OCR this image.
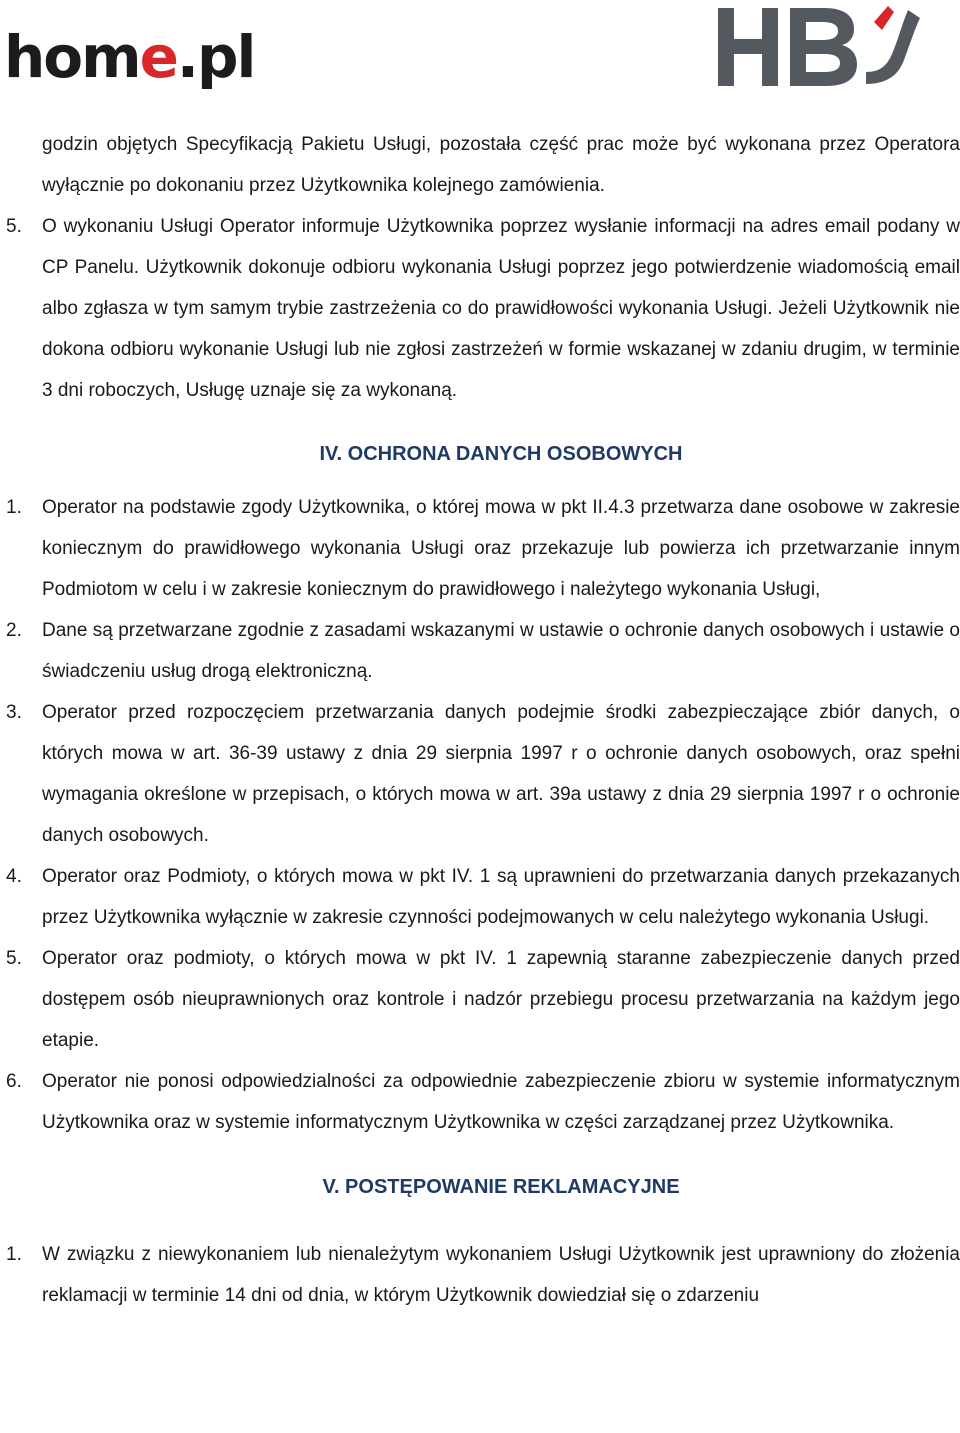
home.pl

godzin objętych Specyfikacją Pakietu Usługi, pozostała część prac może być wykonana przez Operatora wyłącznie po dokonaniu przez Użytkownika kolejnego zamówienia.

5. O wykonaniu Usługi Operator informuje Użytkownika poprzez wysłanie informacji na adres email podany w CP Panelu. Użytkownik dokonuje odbioru wykonania Usługi poprzez jego potwierdzenie wiadomością email albo zgłasza w tym samym trybie zastrzeżenia co do prawidłowości wykonania Usługi. Jeżeli Użytkownik nie dokona odbioru wykonanie Usługi lub nie zgłosi zastrzeżeń w formie wskazanej w zdaniu drugim, w terminie 3 dni roboczych, Usługę uznaje się za wykonaną.
IV. OCHRONA DANYCH OSOBOWYCH
1. Operator na podstawie zgody Użytkownika, o której mowa w pkt II.4.3 przetwarza dane osobowe w zakresie koniecznym do prawidłowego wykonania Usługi oraz przekazuje lub powierza ich przetwarzanie innym Podmiotom w celu i w zakresie koniecznym do prawidłowego i należytego wykonania Usługi,
2. Dane są przetwarzane zgodnie z zasadami wskazanymi w ustawie o ochronie danych osobowych i ustawie o świadczeniu usług drogą elektroniczną.
3. Operator przed rozpoczęciem przetwarzania danych podejmie środki zabezpieczające zbiór danych, o których mowa w art. 36-39 ustawy z dnia 29 sierpnia 1997 r o ochronie danych osobowych, oraz spełni wymagania określone w przepisach, o których mowa w art. 39a ustawy z dnia 29 sierpnia 1997 r o ochronie danych osobowych.
4. Operator oraz Podmioty, o których mowa w pkt IV. 1 są uprawnieni do przetwarzania danych przekazanych przez Użytkownika wyłącznie w zakresie czynności podejmowanych w celu należytego wykonania Usługi.
5. Operator oraz podmioty, o których mowa w pkt IV. 1 zapewnią staranne zabezpieczenie danych przed dostępem osób nieuprawnionych oraz kontrole i nadzór przebiegu procesu przetwarzania na każdym jego etapie.
6. Operator nie ponosi odpowiedzialności za odpowiednie zabezpieczenie zbioru w systemie informatycznym Użytkownika oraz w systemie informatycznym Użytkownika w części zarządzanej przez Użytkownika.
V. POSTĘPOWANIE REKLAMACYJNE
1. W związku z niewykonaniem lub nienależytym wykonaniem Usługi Użytkownik jest uprawniony do złożenia reklamacji w terminie 14 dni od dnia, w którym Użytkownik dowiedział się o zdarzeniu
